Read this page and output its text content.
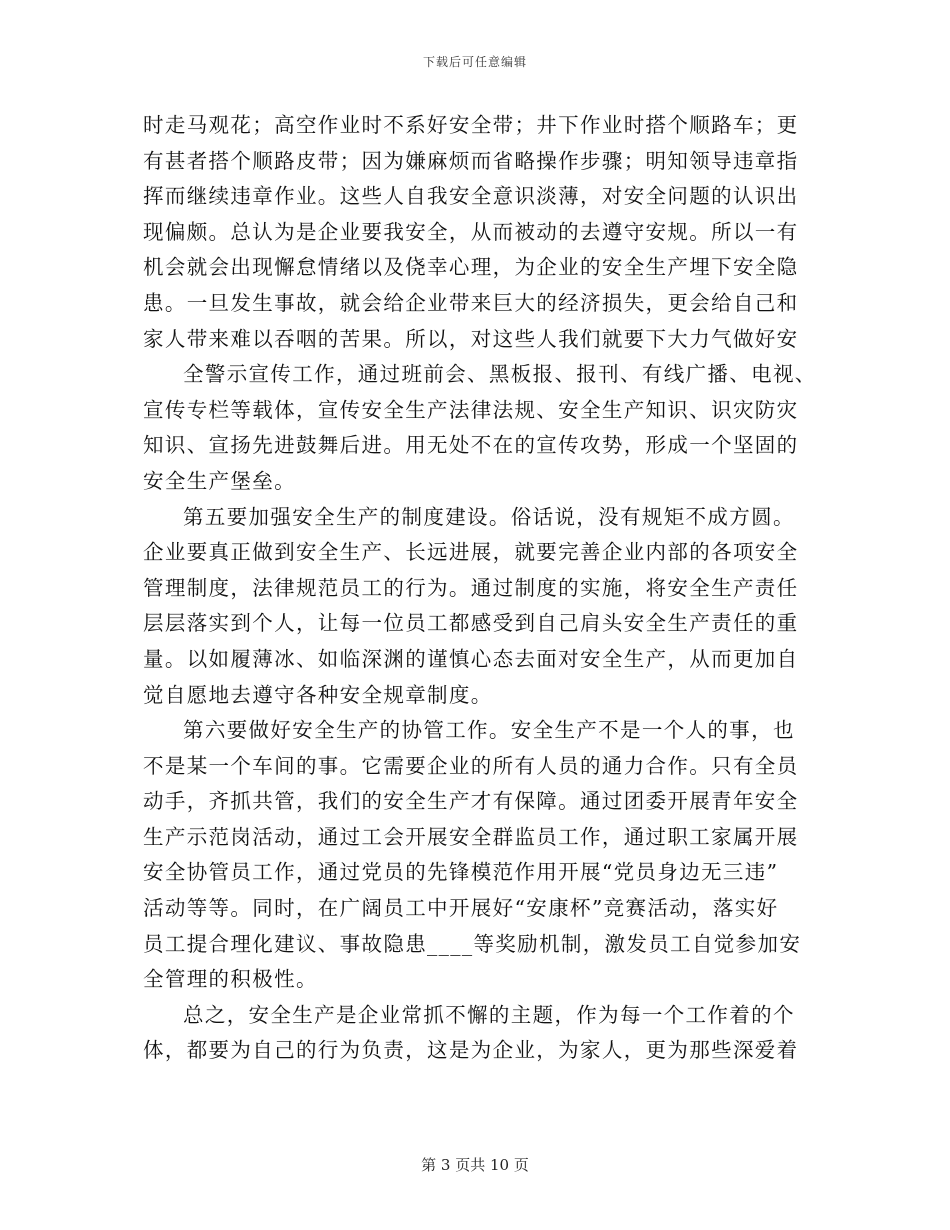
下载后可任意编辑
时走马观花；高空作业时不系好安全带；井下作业时搭个顺路车；更
有甚者搭个顺路皮带；因为嫌麻烦而省略操作步骤；明知领导违章指
挥而继续违章作业。这些人自我安全意识淡薄，对安全问题的认识出
现偏颇。总认为是企业要我安全，从而被动的去遵守安规。所以一有
机会就会出现懈怠情绪以及侥幸心理，为企业的安全生产埋下安全隐
患。一旦发生事故，就会给企业带来巨大的经济损失，更会给自己和
家人带来难以吞咽的苦果。所以，对这些人我们就要下大力气做好安
全警示宣传工作，通过班前会、黑板报、报刊、有线广播、电视、
宣传专栏等载体，宣传安全生产法律法规、安全生产知识、识灾防灾
知识、宣扬先进鼓舞后进。用无处不在的宣传攻势，形成一个坚固的
安全生产堡垒。
第五要加强安全生产的制度建设。俗话说，没有规矩不成方圆。
企业要真正做到安全生产、长远进展，就要完善企业内部的各项安全
管理制度，法律规范员工的行为。通过制度的实施，将安全生产责任
层层落实到个人，让每一位员工都感受到自己肩头安全生产责任的重
量。以如履薄冰、如临深渊的谨慎心态去面对安全生产，从而更加自
觉自愿地去遵守各种安全规章制度。
第六要做好安全生产的协管工作。安全生产不是一个人的事，也
不是某一个车间的事。它需要企业的所有人员的通力合作。只有全员
动手，齐抓共管，我们的安全生产才有保障。通过团委开展青年安全
生产示范岗活动，通过工会开展安全群监员工作，通过职工家属开展
安全协管员工作，通过党员的先锋模范作用开展“党员身边无三违”
活动等等。同时，在广阔员工中开展好“安康杯”竞赛活动，落实好
员工提合理化建议、事故隐患____等奖励机制，激发员工自觉参加安
全管理的积极性。
总之，安全生产是企业常抓不懈的主题，作为每一个工作着的个
体，都要为自己的行为负责，这是为企业，为家人，更为那些深爱着
第 3 页共 10 页
